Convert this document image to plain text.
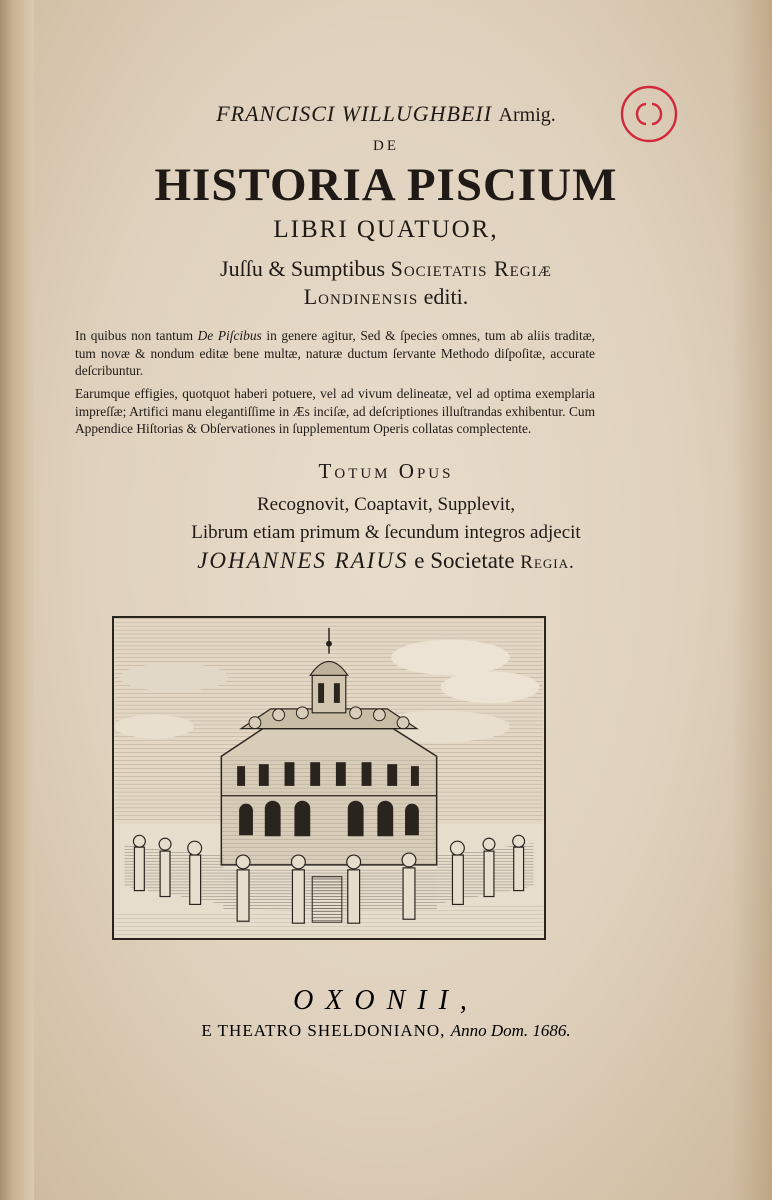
FRANCISCI WILLUGHBEII Armig.
DE
HISTORIA PISCIUM
LIBRI QUATUOR,
Juſſu & Sumptibus Societatis Regiæ
Londinensis editi.
In quibus non tantum De Piſcibus in genere agitur, Sed & ſpecies omnes, tum ab aliis traditæ, tum novæ & nondum editæ bene multæ, naturæ ductum ſervante Methodo diſpoſitæ, accurate deſcribuntur.
Earumque effigies, quotquot haberi potuere, vel ad vivum delineatæ, vel ad optima exemplaria impreſſæ; Artifici manu elegantiſſime in Æs inciſæ, ad deſcriptiones illuſtrandas exhibentur. Cum Appendice Hiſtorias & Obſervationes in ſupplementum Operis collatas complectente.
Totum Opus
Recognovit, Coaptavit, Supplevit,
Librum etiam primum & ſecundum integros adjecit
JOHANNES RAIUS e Societate Regia.
OXONII,
E THEATRO SHELDONIANO, Anno Dom. 1686.
